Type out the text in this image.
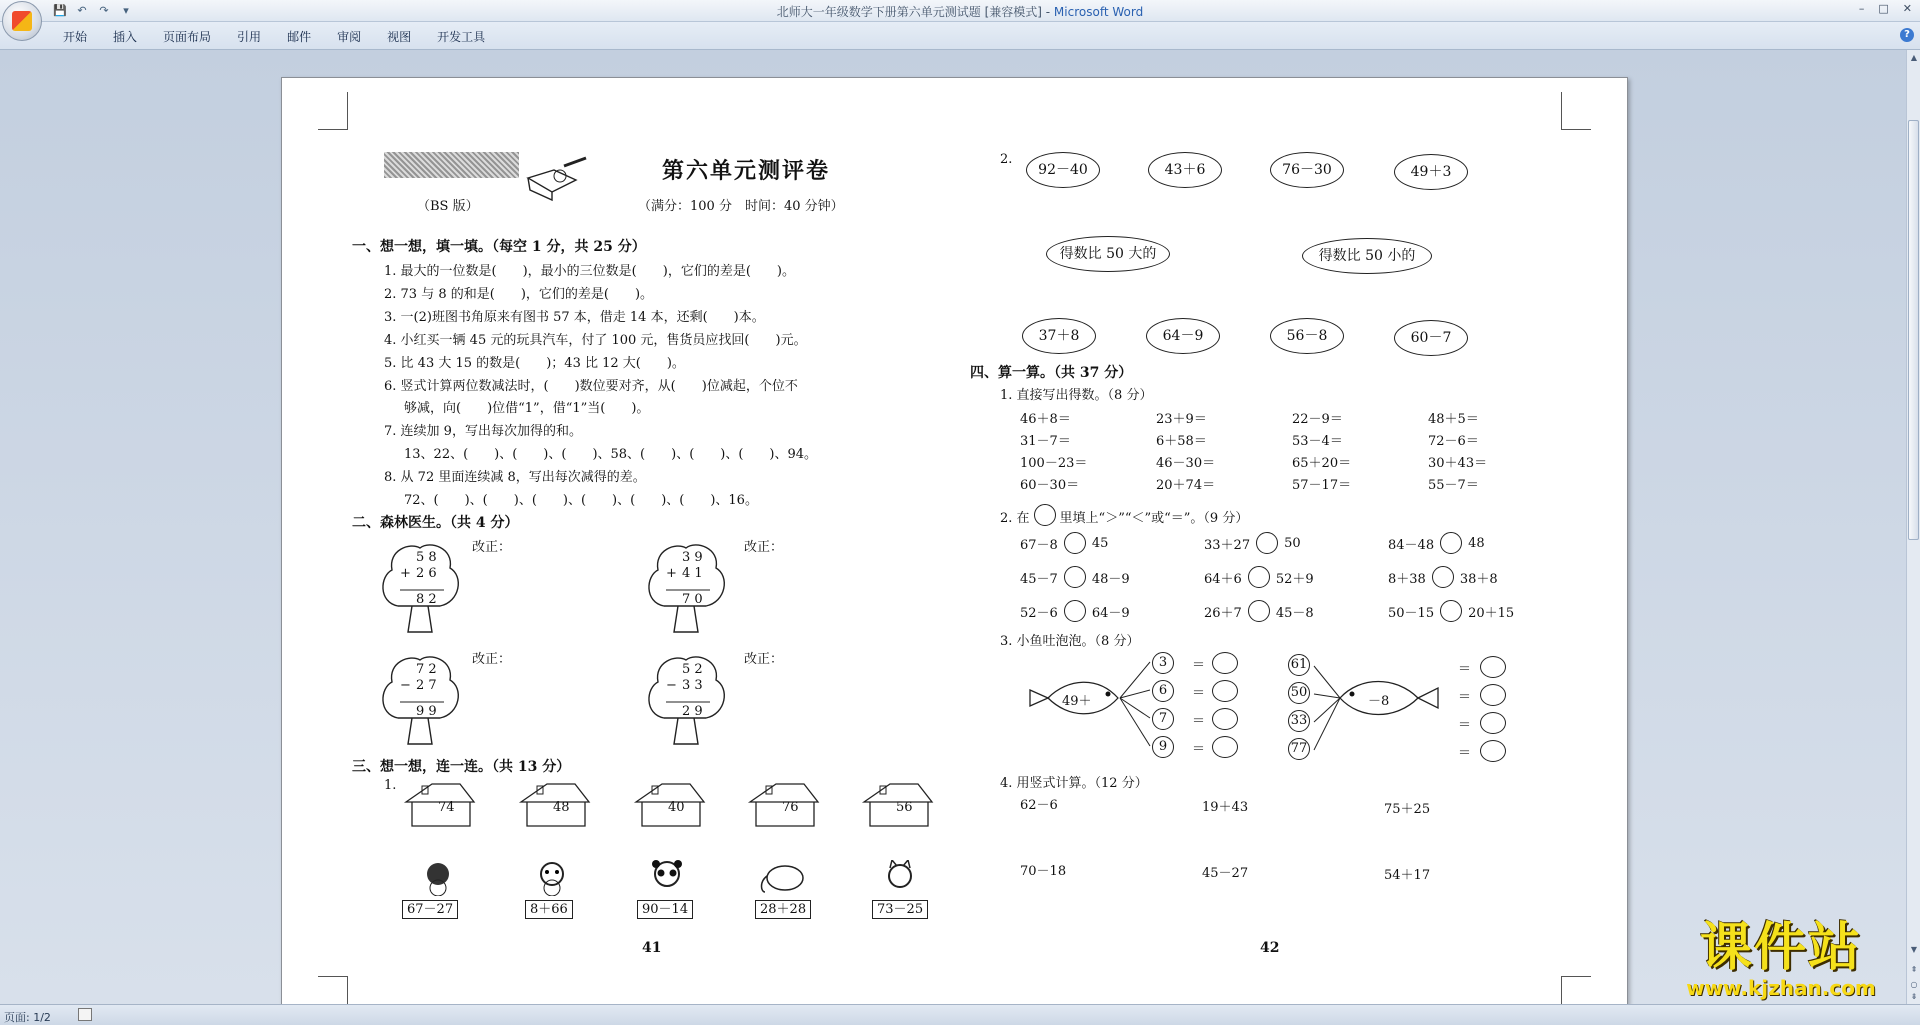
💾 ↶	↷	▾	北师大一年级数学下册第六单元测试题 [兼容模式] - Microsoft Word	– □ ✕
开始	插入	页面布局	引用	邮件	审阅	视图	开发工具	?
▲
▼
⇞
○
⇟
第六单元测评卷
（BS 版）	（满分：100 分　时间：40 分钟）
一、想一想，填一填。（每空 1 分，共 25 分）
1. 最大的一位数是(　　)，最小的三位数是(　　)，它们的差是(　　)。
2. 73 与 8 的和是(　　)，它们的差是(　　)。
3. 一(2)班图书角原来有图书 57 本，借走 14 本，还剩(　　)本。
4. 小红买一辆 45 元的玩具汽车，付了 100 元，售货员应找回(　　)元。
5. 比 43 大 15 的数是(　　)；43 比 12 大(　　)。
6. 竖式计算两位数减法时，(　　)数位要对齐，从(　　)位减起，个位不
够减，向(　　)位借“1”，借“1”当(　　)。
7. 连续加 9，写出每次加得的和。
13、22、(　　)、(　　)、(　　)、58、(　　)、(　　)、(　　)、94。
8. 从 72 里面连续减 8，写出每次减得的差。
72、(　　)、(　　)、(　　)、(　　)、(　　)、(　　)、16。
二、森林医生。（共 4 分）
5 8
+ 2 6
8 2
改正：
3 9
+ 4 1
7 0
改正：
7 2
− 2 7
9 9
改正：
5 2
− 3 3
2 9
改正：
三、想一想，连一连。（共 13 分）
1.
74	48	40	76	56
67－27	8＋66	90－14	28＋28	73－25
41
2.
92－40	43＋6	76－30	49＋3
得数比 50 大的	得数比 50 小的
37＋8	64－9	56－8	60－7
四、算一算。（共 37 分）
1. 直接写出得数。（8 分）
2. 在 里填上“＞”“＜”或“＝”。（9 分）
3. 小鱼吐泡泡。（8 分）
49＋
3
6
7
9
＝
＝
＝
＝
61
50
33
77
－8
＝
＝
＝
＝
4. 用竖式计算。（12 分）
62－6	19＋43	75＋25
70－18	45－27	54＋17
42
46＋8＝	23＋9＝	22－9＝	48＋5＝
31－7＝	6＋58＝	53－4＝	72－6＝
100－23＝	46－30＝	65＋20＝	30＋43＝
60－30＝	20＋74＝	57－17＝	55－7＝
67－8	45	33＋27	50	84－48	48
45－7	48－9	64＋6	52＋9	8＋38	38＋8
52－6	64－9	26＋7	45－8	50－15	20＋15
页面: 1/2
课件站
www.kjzhan.com
